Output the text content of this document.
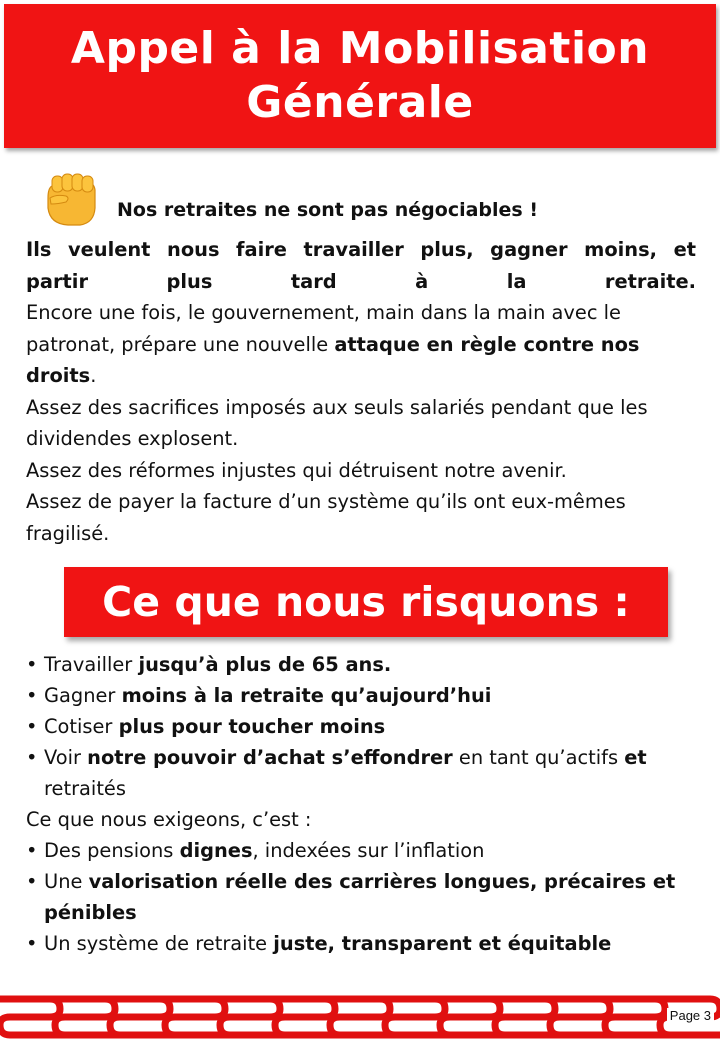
Appel à la Mobilisation
Générale
Nos retraites ne sont pas négociables !
Ils veulent nous faire travailler plus, gagner moins, et
partir plus tard à la retraite.

Encore une fois, le gouvernement, main dans la main avec le patronat, prépare une nouvelle attaque en règle contre nos droits.

Assez des sacrifices imposés aux seuls salariés pendant que les dividendes explosent.

Assez des réformes injustes qui détruisent notre avenir.

Assez de payer la facture d’un système qu’ils ont eux-mêmes fragilisé.

Ce que nous risquons :
• Travailler jusqu’à plus de 65 ans.
• Gagner moins à la retraite qu’aujourd’hui
• Cotiser plus pour toucher moins
• Voir notre pouvoir d’achat s’effondrer en tant qu’actifs et retraités
Ce que nous exigeons, c’est :
• Des pensions dignes, indexées sur l’inflation
• Une valorisation réelle des carrières longues, précaires et pénibles
• Un système de retraite juste, transparent et équitable
Page 3
